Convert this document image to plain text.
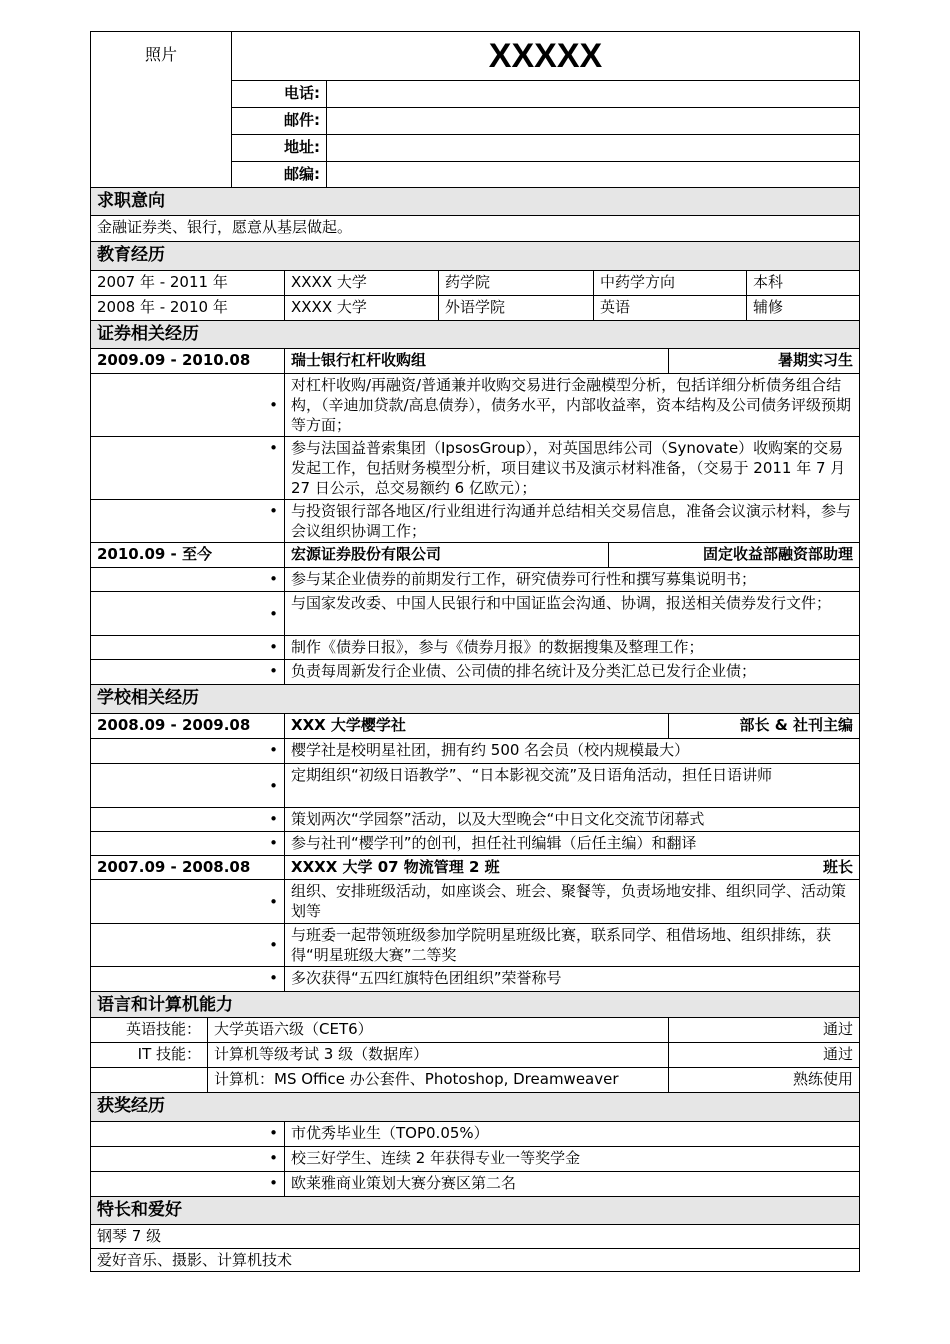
照片	XXXXX
电话:
邮件:
地址:
邮编:
求职意向
金融证券类、银行，愿意从基层做起。
教育经历
2007 年 - 2011 年	XXXX 大学	药学院	中药学方向	本科
2008 年 - 2010 年	XXXX 大学	外语学院	英语	辅修
证券相关经历
2009.09 - 2010.08	瑞士银行杠杆收购组	暑期实习生
•
对杠杆收购/再融资/普通兼并收购交易进行金融模型分析，包括详细分析债务组合结构，（辛迪加贷款/高息债券），债务水平，内部收益率，资本结构及公司债务评级预期等方面；
• 参与法国益普索集团（IpsosGroup），对英国思纬公司（Synovate）收购案的交易发起工作，包括财务模型分析，项目建议书及演示材料准备，（交易于 2011 年 7 月 27 日公示，总交易额约 6 亿欧元）；
• 与投资银行部各地区/行业组进行沟通并总结相关交易信息，准备会议演示材料，参与会议组织协调工作；
2010.09 - 至今	宏源证券股份有限公司	固定收益部融资部助理
• 参与某企业债券的前期发行工作，研究债券可行性和撰写募集说明书；
•
与国家发改委、中国人民银行和中国证监会沟通、协调，报送相关债券发行文件；
• 制作《债券日报》，参与《债券月报》的数据搜集及整理工作；
• 负责每周新发行企业债、公司债的排名统计及分类汇总已发行企业债；
学校相关经历
2008.09 - 2009.08	XXX 大学樱学社	部长 & 社刊主编
• 樱学社是校明星社团，拥有约 500 名会员（校内规模最大）
•
定期组织“初级日语教学”、“日本影视交流”及日语角活动，担任日语讲师
• 策划两次“学园祭”活动，以及大型晚会“中日文化交流节闭幕式
• 参与社刊“樱学刊”的创刊，担任社刊编辑（后任主编）和翻译
2007.09 - 2008.08	XXXX 大学 07 物流管理 2 班	班长
•
组织、安排班级活动，如座谈会、班会、聚餐等，负责场地安排、组织同学、活动策划等
•
与班委一起带领班级参加学院明星班级比赛，联系同学、租借场地、组织排练，获得“明星班级大赛”二等奖
• 多次获得“五四红旗特色团组织”荣誉称号
语言和计算机能力
英语技能： 大学英语六级（CET6）	通过
IT 技能： 计算机等级考试 3 级（数据库）	通过
计算机：MS Office 办公套件、Photoshop, Dreamweaver	熟练使用
获奖经历
• 市优秀毕业生（TOP0.05%）
• 校三好学生、连续 2 年获得专业一等奖学金
• 欧莱雅商业策划大赛分赛区第二名
特长和爱好
钢琴 7 级
爱好音乐、摄影、计算机技术
